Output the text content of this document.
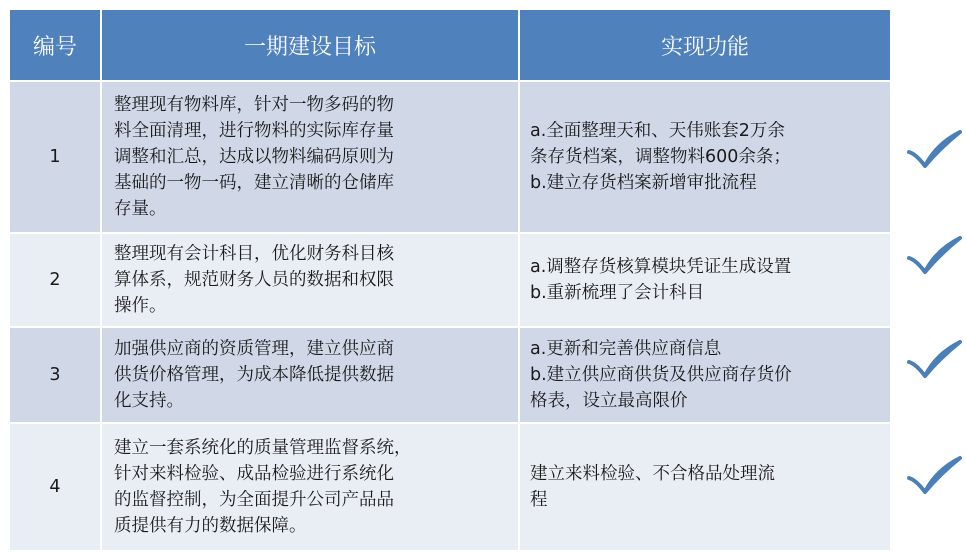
编号	一期建设目标	实现功能
1	整理现有物料库，针对一物多码的物
料全面清理，进行物料的实际库存量
调整和汇总，达成以物料编码原则为
基础的一物一码，建立清晰的仓储库
存量。	a.全面整理天和、天伟账套2万余
条存货档案，调整物料600余条；
b.建立存货档案新增审批流程

2	整理现有会计科目，优化财务科目核
算体系，规范财务人员的数据和权限
操作。	a.调整存货核算模块凭证生成设置
b.重新梳理了会计科目

3	加强供应商的资质管理，建立供应商
供货价格管理，为成本降低提供数据
化支持。	a.更新和完善供应商信息
b.建立供应商供货及供应商存货价
格表，设立最高限价

4	建立一套系统化的质量管理监督系统，
针对来料检验、成品检验进行系统化
的监督控制，为全面提升公司产品品
质提供有力的数据保障。	建立来料检验、不合格品处理流
程
